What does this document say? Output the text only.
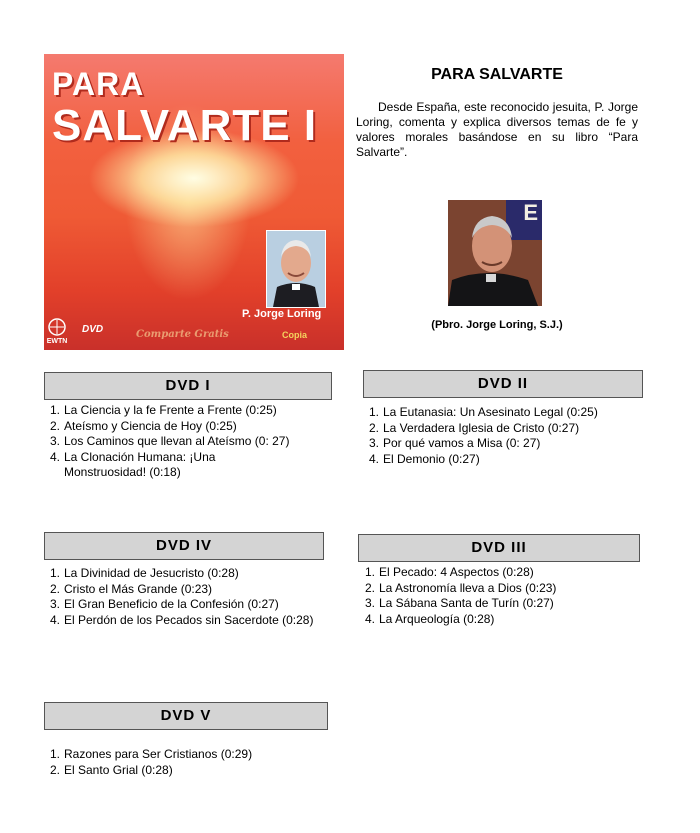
PARA
SALVARTE I
P. Jorge Loring
EWTN
DVD	Comparte Gratis	Copia
PARA SALVARTE
Desde España, este reconocido jesuita, P. Jorge Loring, comenta y explica diversos temas de fe y valores morales basándose en su libro “Para Salvarte”.
E
(Pbro. Jorge Loring, S.J.)
DVD I
1. La Ciencia y la fe Frente a Frente (0:25)
2. Ateísmo y Ciencia de Hoy (0:25)
3. Los Caminos que llevan al Ateísmo (0: 27)
4. La Clonación Humana: ¡Una Monstruosidad! (0:18)
DVD II
1. La Eutanasia: Un Asesinato Legal (0:25)
2. La Verdadera Iglesia de Cristo (0:27)
3. Por qué vamos a Misa (0: 27)
4. El Demonio (0:27)
DVD IV
1. La Divinidad de Jesucristo (0:28)
2. Cristo el Más Grande (0:23)
3. El Gran Beneficio de la Confesión (0:27)
4. El Perdón de los Pecados sin Sacerdote (0:28)
DVD III
1. El Pecado: 4 Aspectos (0:28)
2. La Astronomía lleva a Dios (0:23)
3. La Sábana Santa de Turín (0:27)
4. La Arqueología (0:28)
DVD V
1. Razones para Ser Cristianos (0:29)
2. El Santo Grial (0:28)
